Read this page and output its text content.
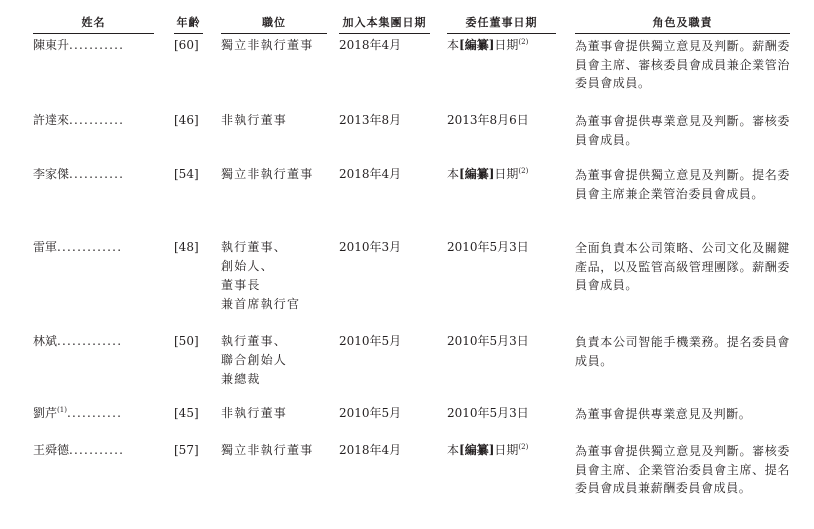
姓名	年齡	職位	加入本集團日期	委任董事日期	角色及職責
陳東升...........	[60] 獨立非執行董事 2018年4月	本[編纂]日期$^{(2)}$	為董事會提供獨立意見及判斷。薪酬委員會主席、審核委員會成員兼企業管治委員會成員。
許達來...........	[46] 非執行董事	2013年8月	2013年8月6日	為董事會提供專業意見及判斷。審核委員會成員。
李家傑...........	[54] 獨立非執行董事 2018年4月	本[編纂]日期$^{(2)}$	為董事會提供獨立意見及判斷。提名委員會主席兼企業管治委員會成員。
雷軍.............	[48] 執行董事、
創始人、
董事長
兼首席執行官
2010年3月	2010年5月3日	全面負責本公司策略、公司文化及關鍵產品，以及監管高級管理團隊。薪酬委員會成員。
林斌.............	[50] 執行董事、
聯合創始人
兼總裁
2010年5月	2010年5月3日	負責本公司智能手機業務。提名委員會成員。
劉芹$^{(1)}$...........	[45] 非執行董事	2010年5月	2010年5月3日	為董事會提供專業意見及判斷。
王舜德...........	[57] 獨立非執行董事 2018年4月	本[編纂]日期$^{(2)}$	為董事會提供獨立意見及判斷。審核委員會主席、企業管治委員會主席、提名委員會成員兼薪酬委員會成員。
